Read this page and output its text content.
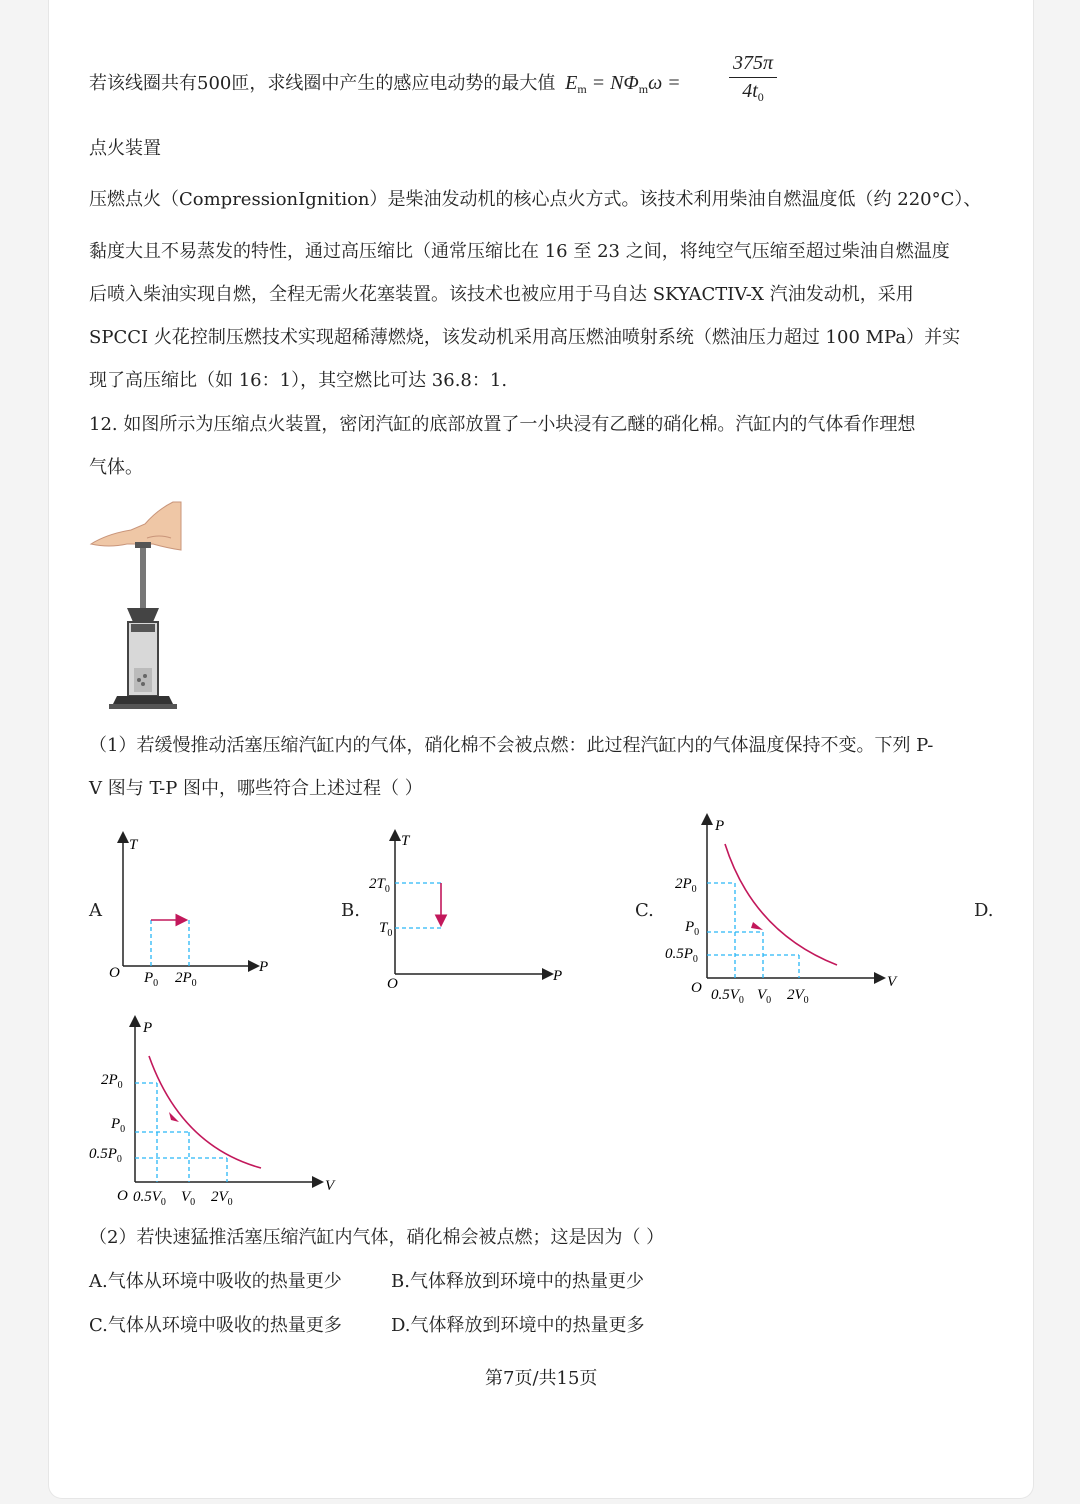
若该线圈共有500匝，求线圈中产生的感应电动势的最大值 $E_m = N\Phi_m\omega = \frac{375\pi}{4t_0}$
点火装置
压燃点火（CompressionIgnition）是柴油发动机的核心点火方式。该技术利用柴油自燃温度低（约 220°C）、
黏度大且不易蒸发的特性，通过高压缩比（通常压缩比在 16 至 23 之间，将纯空气压缩至超过柴油自燃温度
后喷入柴油实现自燃，全程无需火花塞装置。该技术也被应用于马自达 SKYACTIV-X 汽油发动机，采用
SPCCI 火花控制压燃技术实现超稀薄燃烧，该发动机采用高压燃油喷射系统（燃油压力超过 100 MPa）并实
现了高压缩比（如 16：1），其空燃比可达 36.8：1.
12. 如图所示为压缩点火装置，密闭汽缸的底部放置了一小块浸有乙醚的硝化棉。汽缸内的气体看作理想
气体。
（1）若缓慢推动活塞压缩汽缸内的气体，硝化棉不会被点燃：此过程汽缸内的气体温度保持不变。下列 P-
V 图与 T-P 图中，哪些符合上述过程（ ）
A	B.	C.	D.
T
P
O $P_0$ $2P_0$
T
P
O
$2T_0$
$T_0$
P
V
O
$2P_0$
$P_0$
$0.5P_0$
$0.5V_0$ $V_0$ $2V_0$
P
V
O
$2P_0$
$P_0$
$0.5P_0$
$0.5V_0$ $V_0$ $2V_0$
（2）若快速猛推活塞压缩汽缸内气体，硝化棉会被点燃；这是因为（ ）
A.气体从环境中吸收的热量更少	B.气体释放到环境中的热量更少
C.气体从环境中吸收的热量更多	D.气体释放到环境中的热量更多
第7页/共15页
